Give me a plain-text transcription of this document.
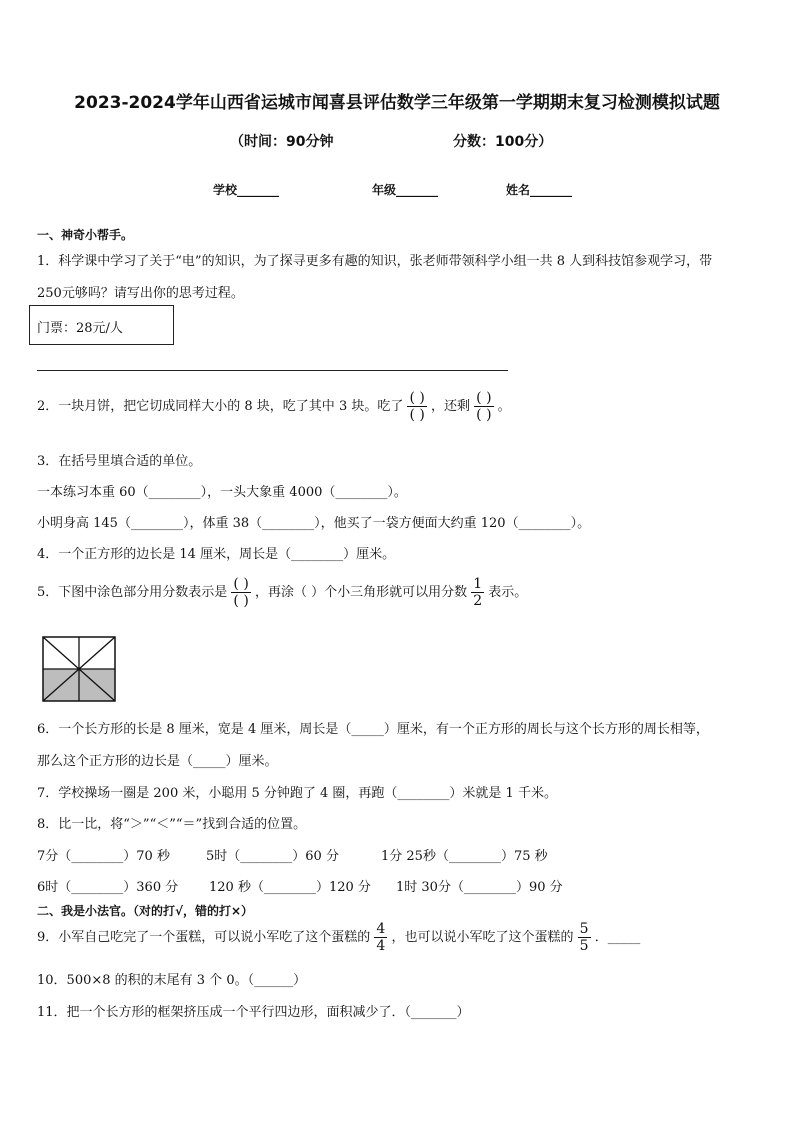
2023-2024学年山西省运城市闻喜县评估数学三年级第一学期期末复习检测模拟试题
（时间：90分钟	分数：100分）
学校_______	年级_______	姓名_______
一、神奇小帮手。
1．科学课中学习了关于“电”的知识，为了探寻更多有趣的知识，张老师带领科学小组一共 8 人到科技馆参观学习，带
250元够吗？请写出你的思考过程。
门票：28元/人
2．一块月饼，把它切成同样大小的 8 块，吃了其中 3 块。吃了 $\frac{( )}{( )}$ ，还剩 $\frac{( )}{( )}$ 。
3．在括号里填合适的单位。
一本练习本重 60（________），一头大象重 4000（________）。
小明身高 145（________），体重 38（________），他买了一袋方便面大约重 120（________）。
4．一个正方形的边长是 14 厘米，周长是（________）厘米。
5．下图中涂色部分用分数表示是 $\frac{( )}{( )}$ ，再涂（ ）个小三角形就可以用分数 $\frac{1}{2}$ 表示。
6．一个长方形的长是 8 厘米，宽是 4 厘米，周长是（_____）厘米，有一个正方形的周长与这个长方形的周长相等，
那么这个正方形的边长是（_____）厘米。
7．学校操场一圈是 200 米，小聪用 5 分钟跑了 4 圈，再跑（________）米就是 1 千米。
8．比一比，将“＞”“＜”“＝”找到合适的位置。
7分（________）70 秒	5时（________）60 分	1分 25秒（________）75 秒
6时（________）360 分 120 秒（________）120 分 1时 30分（________）90 分
二、我是小法官。（对的打√，错的打×）
9．小军自己吃完了一个蛋糕，可以说小军吃了这个蛋糕的 $\frac{4}{4}$ ，也可以说小军吃了这个蛋糕的 $\frac{5}{5}$ ．_____
10．500×8 的积的末尾有 3 个 0。（______）
11．把一个长方形的框架挤压成一个平行四边形，面积减少了．（_______）
